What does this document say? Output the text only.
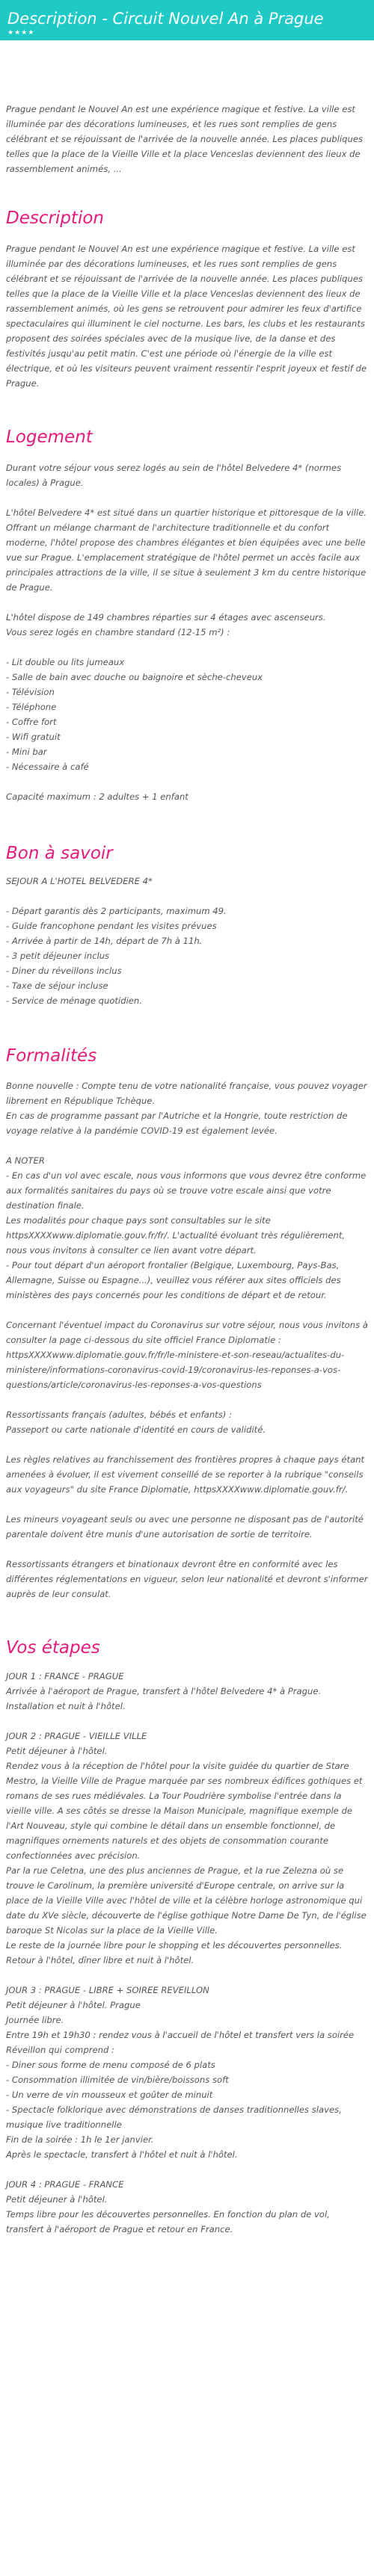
Description - Circuit Nouvel An à Prague
★★★★

Prague pendant le Nouvel An est une expérience magique et festive. La ville est illuminée par des décorations lumineuses, et les rues sont remplies de gens célébrant et se réjouissant de l'arrivée de la nouvelle année. Les places publiques telles que la place de la Vieille Ville et la place Venceslas deviennent des lieux de rassemblement animés, ...

Description

Prague pendant le Nouvel An est une expérience magique et festive. La ville est illuminée par des décorations lumineuses, et les rues sont remplies de gens célébrant et se réjouissant de l'arrivée de la nouvelle année. Les places publiques telles que la place de la Vieille Ville et la place Venceslas deviennent des lieux de rassemblement animés, où les gens se retrouvent pour admirer les feux d'artifice spectaculaires qui illuminent le ciel nocturne. Les bars, les clubs et les restaurants proposent des soirées spéciales avec de la musique live, de la danse et des festivités jusqu'au petit matin. C'est une période où l'énergie de la ville est électrique, et où les visiteurs peuvent vraiment ressentir l'esprit joyeux et festif de Prague.

Logement

Durant votre séjour vous serez logés au sein de l'hôtel Belvedere 4* (normes locales) à Prague.

L'hôtel Belvedere 4* est situé dans un quartier historique et pittoresque de la ville. Offrant un mélange charmant de l'architecture traditionnelle et du confort moderne, l'hôtel propose des chambres élégantes et bien équipées avec une belle vue sur Prague. L'emplacement stratégique de l'hôtel permet un accès facile aux principales attractions de la ville, il se situe à seulement 3 km du centre historique de Prague.

L'hôtel dispose de 149 chambres réparties sur 4 étages avec ascenseurs.
Vous serez logés en chambre standard (12-15 m²) :

- Lit double ou lits jumeaux
- Salle de bain avec douche ou baignoire et sèche-cheveux
- Télévision
- Téléphone
- Coffre fort
- Wifi gratuit
- Mini bar
- Nécessaire à café

Capacité maximum : 2 adultes + 1 enfant

Bon à savoir

SEJOUR A L'HOTEL BELVEDERE 4*

- Départ garantis dès 2 participants, maximum 49.
- Guide francophone pendant les visites prévues
- Arrivée à partir de 14h, départ de 7h à 11h.
- 3 petit déjeuner inclus
- Diner du réveillons inclus
- Taxe de séjour incluse
- Service de ménage quotidien.

Formalités

Bonne nouvelle : Compte tenu de votre nationalité française, vous pouvez voyager librement en République Tchèque.
En cas de programme passant par l'Autriche et la Hongrie, toute restriction de voyage relative à la pandémie COVID-19 est également levée.

A NOTER
- En cas d'un vol avec escale, nous vous informons que vous devrez être conforme aux formalités sanitaires du pays où se trouve votre escale ainsi que votre destination finale.
Les modalités pour chaque pays sont consultables sur le site httpsXXXXwww.diplomatie.gouv.fr/fr/. L'actualité évoluant très régulièrement, nous vous invitons à consulter ce lien avant votre départ.
- Pour tout départ d'un aéroport frontalier (Belgique, Luxembourg, Pays-Bas, Allemagne, Suisse ou Espagne...), veuillez vous référer aux sites officiels des ministères des pays concernés pour les conditions de départ et de retour.

Concernant l'éventuel impact du Coronavirus sur votre séjour, nous vous invitons à consulter la page ci-dessous du site officiel France Diplomatie : httpsXXXXwww.diplomatie.gouv.fr/fr/le-ministere-et-son-reseau/actualites-du-ministere/informations-coronavirus-covid-19/coronavirus-les-reponses-a-vos-questions/article/coronavirus-les-reponses-a-vos-questions

Ressortissants français (adultes, bébés et enfants) :
Passeport ou carte nationale d'identité en cours de validité.

Les règles relatives au franchissement des frontières propres à chaque pays étant amenées à évoluer, il est vivement conseillé de se reporter à la rubrique "conseils aux voyageurs" du site France Diplomatie, httpsXXXXwww.diplomatie.gouv.fr/.

Les mineurs voyageant seuls ou avec une personne ne disposant pas de l'autorité parentale doivent être munis d'une autorisation de sortie de territoire.

Ressortissants étrangers et binationaux devront être en conformité avec les différentes réglementations en vigueur, selon leur nationalité et devront s'informer auprès de leur consulat.

Vos étapes

JOUR 1 : FRANCE - PRAGUE
Arrivée à l'aéroport de Prague, transfert à l'hôtel Belvedere 4* à Prague.
Installation et nuit à l'hôtel.

JOUR 2 : PRAGUE - VIEILLE VILLE
Petit déjeuner à l'hôtel.
Rendez vous à la réception de l'hôtel pour la visite guidée du quartier de Stare Mestro, la Vieille Ville de Prague marquée par ses nombreux édifices gothiques et romans de ses rues médiévales. La Tour Poudrière symbolise l'entrée dans la vieille ville. A ses côtés se dresse la Maison Municipale, magnifique exemple de l'Art Nouveau, style qui combine le détail dans un ensemble fonctionnel, de magnifiques ornements naturels et des objets de consommation courante confectionnées avec précision.
Par la rue Celetna, une des plus anciennes de Prague, et la rue Zelezna où se trouve le Carolinum, la première université d'Europe centrale, on arrive sur la place de la Vieille Ville avec l'hôtel de ville et la célèbre horloge astronomique qui date du XVe siècle, découverte de l'église gothique Notre Dame De Tyn, de l'église baroque St Nicolas sur la place de la Vieille Ville.
Le reste de la journée libre pour le shopping et les découvertes personnelles.
Retour à l'hôtel, dîner libre et nuit à l'hôtel.

JOUR 3 : PRAGUE - LIBRE + SOIREE REVEILLON
Petit déjeuner à l'hôtel. Prague
Journée libre.
Entre 19h et 19h30 : rendez vous à l'accueil de l'hôtel et transfert vers la soirée Réveillon qui comprend :
- Diner sous forme de menu composé de 6 plats
- Consommation illimitée de vin/bière/boissons soft
- Un verre de vin mousseux et goûter de minuit
- Spectacle folklorique avec démonstrations de danses traditionnelles slaves, musique live traditionnelle
Fin de la soirée : 1h le 1er janvier.
Après le spectacle, transfert à l'hôtel et nuit à l'hôtel.

JOUR 4 : PRAGUE - FRANCE
Petit déjeuner à l'hôtel.
Temps libre pour les découvertes personnelles. En fonction du plan de vol, transfert à l'aéroport de Prague et retour en France.
